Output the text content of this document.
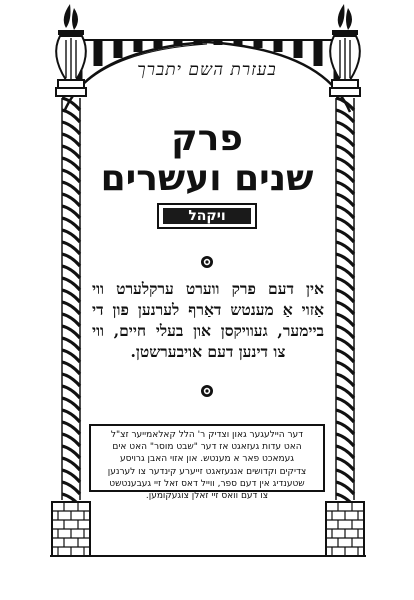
בעזרת השם יתברך
פרק
שנים ועשרים
ויקהל
אין דעם פרק ווערט ערקלערט ווי
אַזוי אַ מענטש דאַרף לערנען פון די
ביימער, געוויקסן און בעלי חיים, ווי
צו דינען דעם אויבערשטן.
דער היילעגער גאון וצדיק ר' הלל קאלאמייער זצ"ל
האט עדות געזאגט אז דער "שבט מוסר" האט אים
געמאכט פאר א מענטש. און אזוי האבן גרויסע
צדיקים וקדושים אנגעזאגט זייערע קינדער צו לערנען
שטענדיג אין דעם ספר, ווייל דאס זאל זיי געבענטשט
צו דעם וואס זיי זאלן צוגעקומען.
